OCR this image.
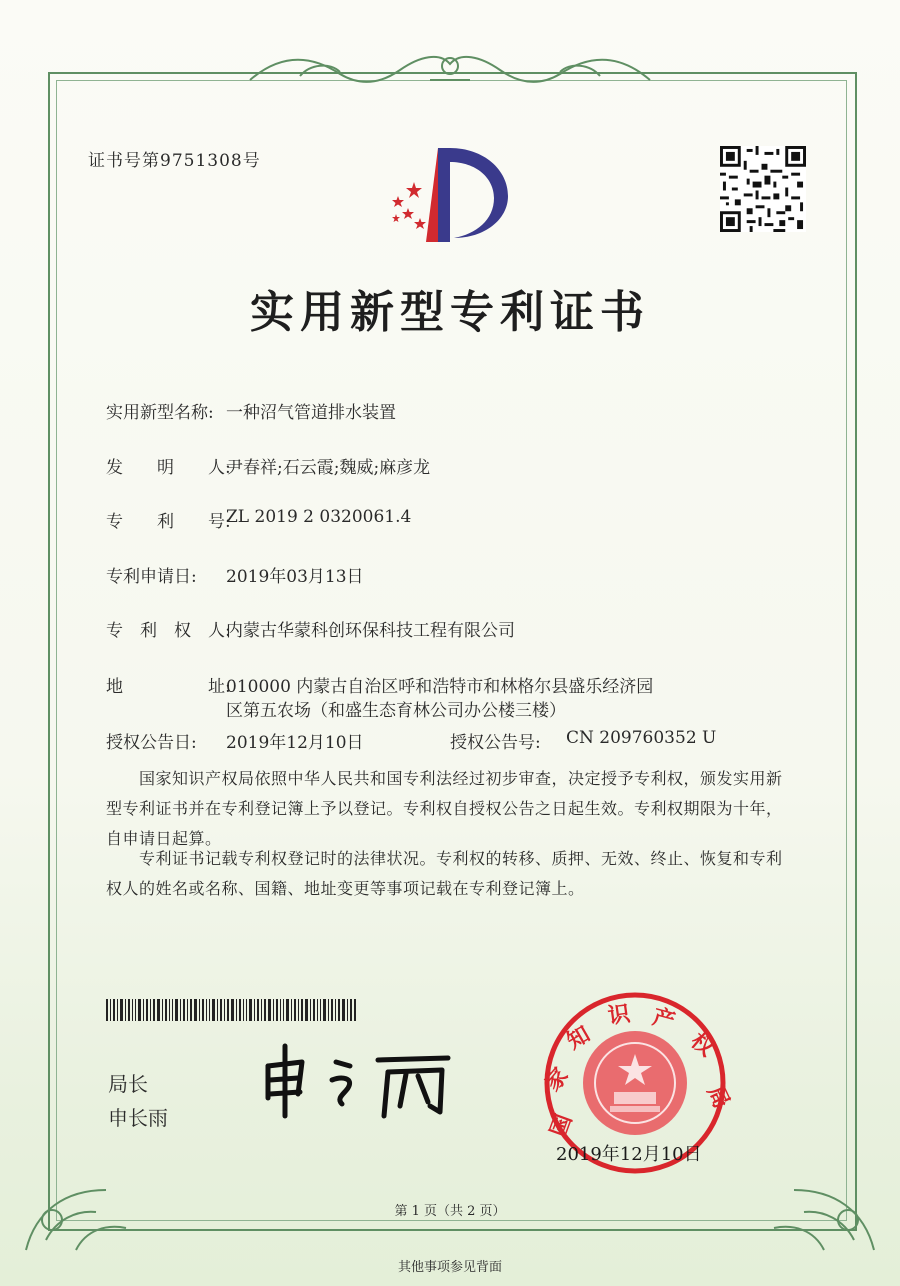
证书号第9751308号
实用新型专利证书
实用新型名称: 一种沼气管道排水装置
发　　明　　人:
尹春祥;石云霞;魏威;麻彦龙
专　　利　　号:
ZL 2019 2 0320061.4
专利申请日: 2019年03月13日
专　利　权　人:
内蒙古华蒙科创环保科技工程有限公司
地　　　　　址:
010000 内蒙古自治区呼和浩特市和林格尔县盛乐经济园
区第五农场（和盛生态育林公司办公楼三楼）
授权公告日: 2019年12月10日	授权公告号: CN 209760352 U
　　国家知识产权局依照中华人民共和国专利法经过初步审查，决定授予专利权，颁发实用新型专利证书并在专利登记簿上予以登记。专利权自授权公告之日起生效。专利权期限为十年，自申请日起算。
　　专利证书记载专利权登记时的法律状况。专利权的转移、质押、无效、终止、恢复和专利权人的姓名或名称、国籍、地址变更等事项记载在专利登记簿上。
局长
申长雨	国
家
知
识 产
权
局
2019年12月10日
第 1 页（共 2 页）
其他事项参见背面
